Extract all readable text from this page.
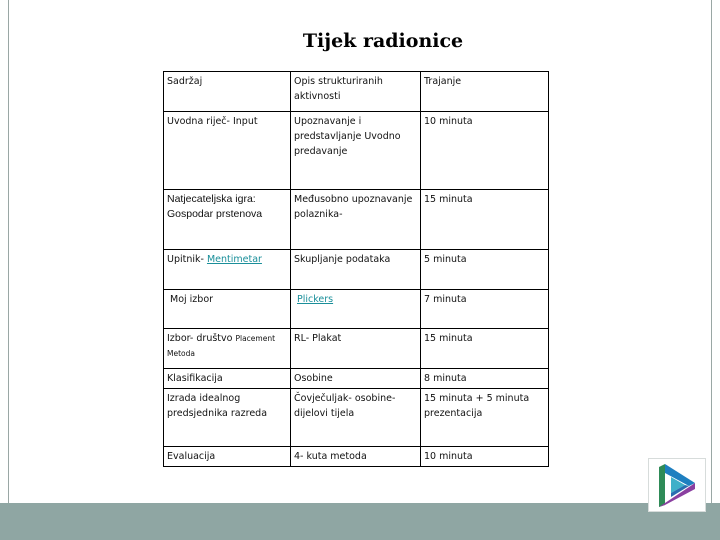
Tijek radionice
Sadržaj	Opis strukturiranih aktivnosti	Trajanje
Uvodna riječ- Input	Upoznavanje i predstavljanje Uvodno predavanje	10 minuta
Natjecateljska igra: Gospodar prstenova	Međusobno upoznavanje polaznika-	15 minuta
Upitnik- Mentimetar	Skupljanje podataka	5 minuta
Moj izbor	Plickers	7 minuta
Izbor- društvo Placement Metoda	RL- Plakat	15 minuta
Klasifikacija	Osobine	8 minuta
Izrada idealnog predsjednika razreda	Čovječuljak- osobine- dijelovi tijela	15 minuta + 5 minuta prezentacija
Evaluacija	4- kuta metoda	10 minuta
